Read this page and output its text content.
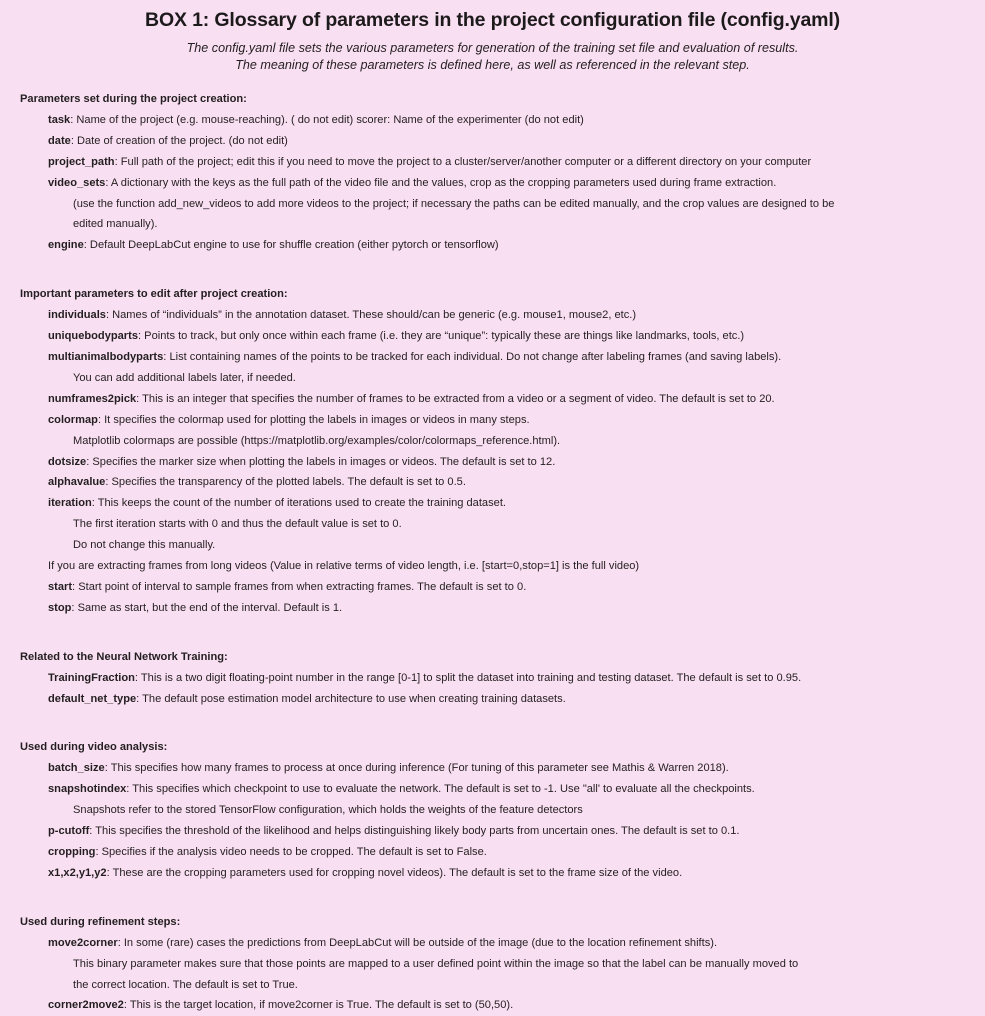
BOX 1: Glossary of parameters in the project configuration file (config.yaml)
The config.yaml file sets the various parameters for generation of the training set file and evaluation of results.
The meaning of these parameters is defined here, as well as referenced in the relevant step.
Parameters set during the project creation:
task: Name of the project (e.g. mouse-reaching). ( do not edit) scorer: Name of the experimenter (do not edit)
date: Date of creation of the project. (do not edit)
project_path: Full path of the project; edit this if you need to move the project to a cluster/server/another computer or a different directory on your computer
video_sets: A dictionary with the keys as the full path of the video file and the values, crop as the cropping parameters used during frame extraction.
(use the function add_new_videos to add more videos to the project; if necessary the paths can be edited manually, and the crop values are designed to be
edited manually).
engine: Default DeepLabCut engine to use for shuffle creation (either pytorch or tensorflow)
Important parameters to edit after project creation:
individuals: Names of “individuals” in the annotation dataset. These should/can be generic (e.g. mouse1, mouse2, etc.)
uniquebodyparts: Points to track, but only once within each frame (i.e. they are “unique”: typically these are things like landmarks, tools, etc.)
multianimalbodyparts: List containing names of the points to be tracked for each individual. Do not change after labeling frames (and saving labels).
You can add additional labels later, if needed.
numframes2pick: This is an integer that specifies the number of frames to be extracted from a video or a segment of video. The default is set to 20.
colormap: It specifies the colormap used for plotting the labels in images or videos in many steps.
Matplotlib colormaps are possible (https://matplotlib.org/examples/color/colormaps_reference.html).
dotsize: Specifies the marker size when plotting the labels in images or videos. The default is set to 12.
alphavalue: Specifies the transparency of the plotted labels. The default is set to 0.5.
iteration: This keeps the count of the number of iterations used to create the training dataset.
The first iteration starts with 0 and thus the default value is set to 0.
Do not change this manually.
If you are extracting frames from long videos (Value in relative terms of video length, i.e. [start=0,stop=1] is the full video)
start: Start point of interval to sample frames from when extracting frames. The default is set to 0.
stop: Same as start, but the end of the interval. Default is 1.
Related to the Neural Network Training:
TrainingFraction: This is a two digit floating-point number in the range [0-1] to split the dataset into training and testing dataset. The default is set to 0.95.
default_net_type: The default pose estimation model architecture to use when creating training datasets.
Used during video analysis:
batch_size: This specifies how many frames to process at once during inference (For tuning of this parameter see Mathis & Warren 2018).
snapshotindex: This specifies which checkpoint to use to evaluate the network. The default is set to -1. Use "all' to evaluate all the checkpoints.
Snapshots refer to the stored TensorFlow configuration, which holds the weights of the feature detectors
p-cutoff: This specifies the threshold of the likelihood and helps distinguishing likely body parts from uncertain ones. The default is set to 0.1.
cropping: Specifies if the analysis video needs to be cropped. The default is set to False.
x1,x2,y1,y2: These are the cropping parameters used for cropping novel videos). The default is set to the frame size of the video.
Used during refinement steps:
move2corner: In some (rare) cases the predictions from DeepLabCut will be outside of the image (due to the location refinement shifts).
This binary parameter makes sure that those points are mapped to a user defined point within the image so that the label can be manually moved to
the correct location. The default is set to True.
corner2move2: This is the target location, if move2corner is True. The default is set to (50,50).
